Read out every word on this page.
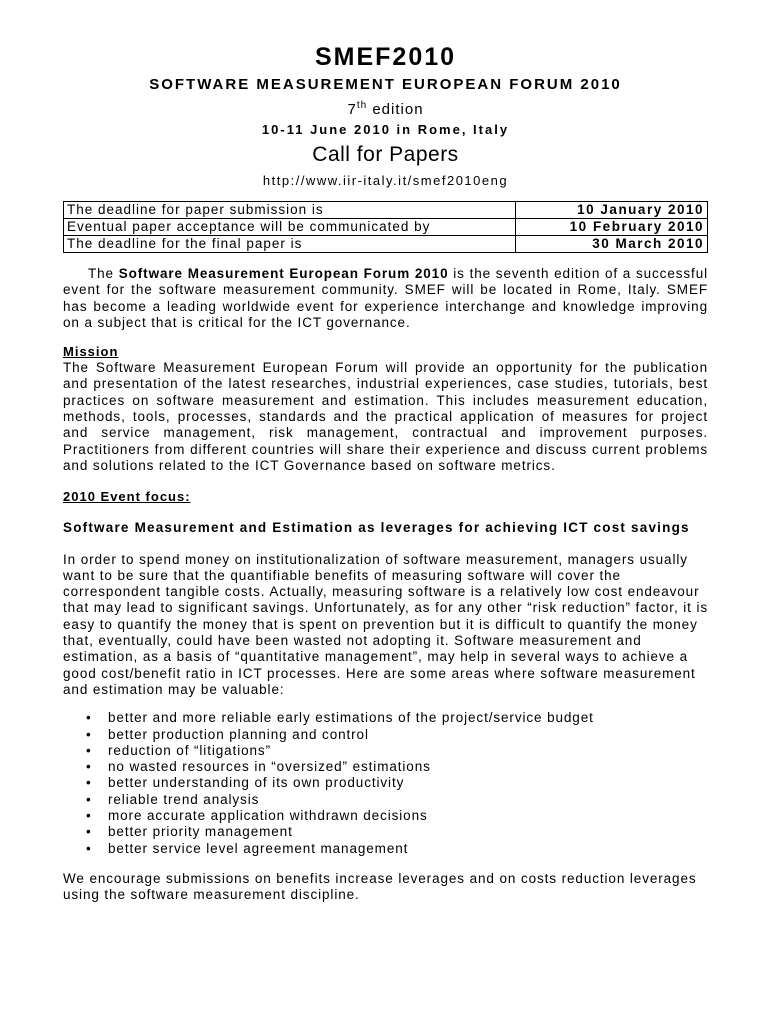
SMEF2010
SOFTWARE MEASUREMENT EUROPEAN FORUM 2010
7th edition
10-11 June 2010 in Rome, Italy
Call for Papers
http://www.iir-italy.it/smef2010eng
The deadline for paper submission is	10 January 2010
Eventual paper acceptance will be communicated by	10 February 2010
The deadline for the final paper is	30 March 2010

The Software Measurement European Forum 2010 is the seventh edition of a successful event for the software measurement community. SMEF will be located in Rome, Italy. SMEF has become a leading worldwide event for experience interchange and knowledge improving on a subject that is critical for the ICT governance.

Mission

The Software Measurement European Forum will provide an opportunity for the publication and presentation of the latest researches, industrial experiences, case studies, tutorials, best practices on software measurement and estimation. This includes measurement education, methods, tools, processes, standards and the practical application of measures for project and service management, risk management, contractual and improvement purposes. Practitioners from different countries will share their experience and discuss current problems and solutions related to the ICT Governance based on software metrics.

2010 Event focus:

Software Measurement and Estimation as leverages for achieving ICT cost savings

In order to spend money on institutionalization of software measurement, managers usually want to be sure that the quantifiable benefits of measuring software will cover the correspondent tangible costs. Actually, measuring software is a relatively low cost endeavour that may lead to significant savings. Unfortunately, as for any other “risk reduction” factor, it is easy to quantify the money that is spent on prevention but it is difficult to quantify the money that, eventually, could have been wasted not adopting it. Software measurement and estimation, as a basis of “quantitative management”, may help in several ways to achieve a good cost/benefit ratio in ICT processes. Here are some areas where software measurement and estimation may be valuable:

• better and more reliable early estimations of the project/service budget
• better production planning and control
• reduction of “litigations”
• no wasted resources in “oversized” estimations
• better understanding of its own productivity
• reliable trend analysis
• more accurate application withdrawn decisions
• better priority management
• better service level agreement management

We encourage submissions on benefits increase leverages and on costs reduction leverages using the software measurement discipline.
